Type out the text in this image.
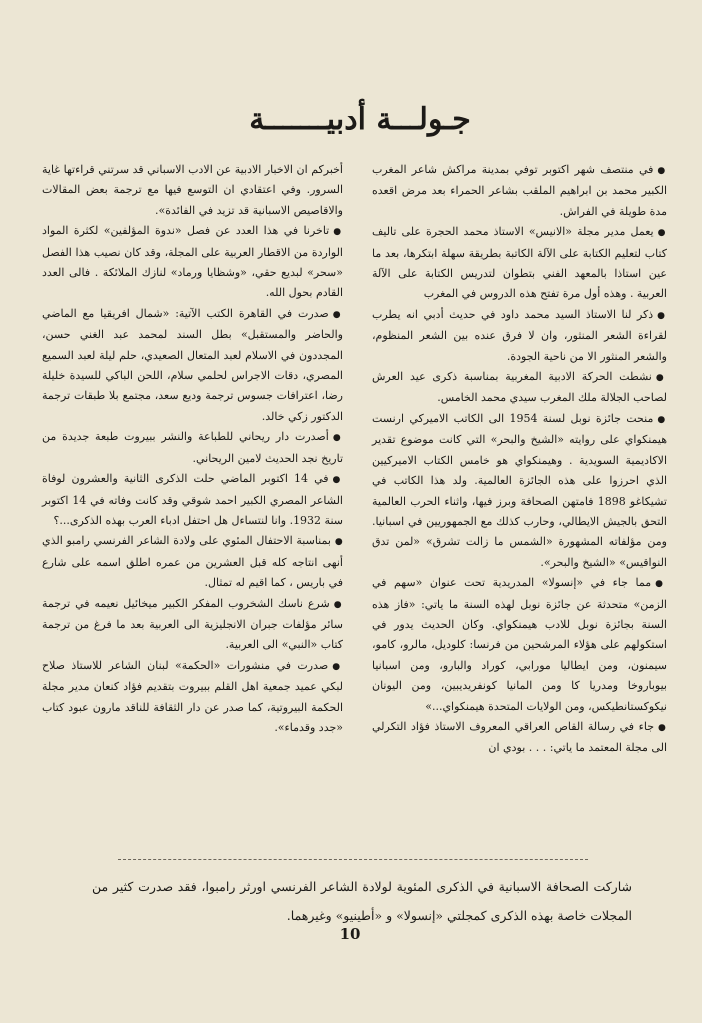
جـولـــة أدبيـــــــة

● في منتصف شهر اكتوبر توفي بمدينة مراكش شاعر المغرب الكبير محمد بن ابراهيم الملقب بشاعر الحمراء بعد مرض اقعده مدة طويلة في الفراش.

● يعمل مدير مجلة «الانيس» الاستاذ محمد الحجرة على تاليف كتاب لتعليم الكتابة على الآلة الكاتبة بطريقة سهلة ابتكرها، بعد ما عين استاذا بالمعهد الفني بتطوان لتدريس الكتابة على الآلة العربية . وهذه أول مرة تفتح هذه الدروس في المغرب

● ذكر لنا الاستاذ السيد محمد داود في حديث أدبي انه يطرب لقراءة الشعر المنثور، وان لا فرق عنده بين الشعر المنظوم، والشعر المنثور الا من ناحية الجودة.

● نشطت الحركة الادبية المغربية بمناسبة ذكرى عيد العرش لصاحب الجلالة ملك المغرب سيدي محمد الخامس.

● منحت جائزة نوبل لسنة 1954 الى الكاتب الاميركي ارنست هيمنكواي على روايته «الشيخ والبحر» التي كانت موضوع تقدير الاكاديمية السويدية . وهيمنكواي هو خامس الكتاب الاميركيين الذي احرزوا على هذه الجائزة العالمية. ولد هذا الكاتب في تشيكاغو 1898 فامتهن الصحافة وبرز فيها، واثناء الحرب العالمية التحق بالجيش الايطالي، وحارب كذلك مع الجمهوريين في اسبانيا. ومن مؤلفاته المشهورة «الشمس ما زالت تشرق» «لمن تدق النواقيس» «الشيخ والبحر».

● مما جاء في «إنسولا» المدريدية تحت عنوان «سهم في الزمن» متحدثة عن جائزة نوبل لهذه السنة ما ياتي: «فاز هذه السنة بجائزة نوبل للادب هيمنكواي. وكان الحديث يدور في استكولهم على هؤلاء المرشحين من فرنسا: كلوديل، مالرو، كامو، سيمنون، ومن ايطاليا مورابي، كوراد والبارو، ومن اسبانيا بيوباروخا ومدريا كا ومن المانيا كونفريديبين، ومن اليونان نيكوكستانطيكس، ومن الولايات المتحدة هيمنكواي...»

● جاء في رسالة القاص العراقي المعروف الاستاذ فؤاد التكرلي الى مجلة المعتمد ما ياتي: . . . بودي ان

أخبركم ان الاخبار الادبية عن الادب الاسباني قد سرتني قراءتها غاية السرور. وفي اعتقادي ان التوسع فيها مع ترجمة بعض المقالات والاقاصيص الاسبانية قد تزيد في الفائدة».

● تاخرنا في هذا العدد عن فصل «ندوة المؤلفين» لكثرة المواد الواردة من الاقطار العربية على المجلة، وقد كان نصيب هذا الفصل «سحر» لبديع حقي، «وشظايا ورماد» لنازك الملائكة . فالى العدد القادم بحول الله.

● صدرت في القاهرة الكتب الآتية: «شمال افريقيا مع الماضي والحاضر والمستقبل» بطل السند لمحمد عبد الغني حسن، المجددون في الاسلام لعبد المتعال الصعيدي، حلم ليلة لعبد السميع المصري، دقات الاجراس لحلمي سلام، اللحن الباكي للسيدة خليلة رضا، اعترافات جسوس ترجمة وديع سعد، مجتمع بلا طبقات ترجمة الدكتور زكي خالد.

● أصدرت دار ريحاني للطباعة والنشر ببيروت طبعة جديدة من تاريخ نجد الحديث لامين الريحاني.

● في 14 اكتوبر الماضي حلت الذكرى الثانية والعشرون لوفاة الشاعر المصري الكبير احمد شوقي وقد كانت وفاته في 14 اكتوبر سنة 1932. وانا لنتساءل هل احتفل ادباء العرب بهذه الذكرى...؟

● بمناسبة الاحتفال المئوي على ولادة الشاعر الفرنسي رامبو الذي أنهى انتاجه كله قبل العشرين من عمره اطلق اسمه على شارع في باريس ، كما اقيم له تمثال.

● شرع ناسك الشخروب المفكر الكبير ميخائيل نعيمه في ترجمة سائر مؤلفات جبران الانجليزية الى العربية بعد ما فرغ من ترجمة كتاب «النبي» الى العربية.

● صدرت في منشورات «الحكمة» لبنان الشاعر للاستاذ صلاح لبكي عميد جمعية اهل القلم ببيروت بتقديم فؤاد كنعان مدير مجلة الحكمة البيروتية، كما صدر عن دار الثقافة للناقد مارون عبود كتاب «جدد وقدماء».

شاركت الصحافة الاسبانية في الذكرى المئوية لولادة الشاعر الفرنسي اورثر رامبوا، فقد صدرت كثير من المجلات خاصة بهذه الذكرى كمجلتي «إنسولا» و «أطينيو» وغيرهما.
10
